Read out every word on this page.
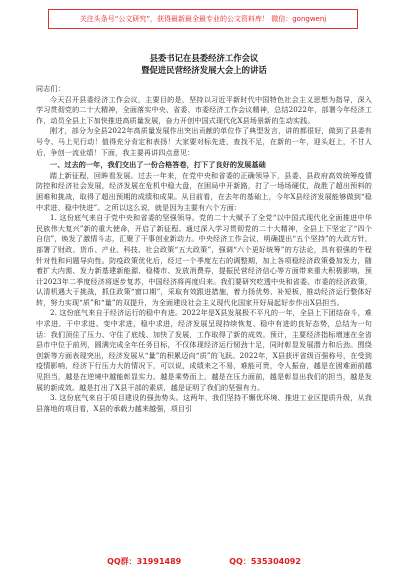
关注头条号“公文研究”，获得最新最全最专业的公文资料库！ 微信：gongwenj
县委书记在县委经济工作会议
暨促进民营经济发展大会上的讲话

同志们：

今天召开县委经济工作会议，主要目的是，坚持以习近平新时代中国特色社会主义思想为指导，深入学习贯彻党的二十大精神，全面落实中央、省委、市委经济工作会议精神，总结2022年，部署今年经济工作，动员全县上下加快推进高质量发展，奋力开创中国式现代化X县场景新的生动实践。

刚才，部分为全县2022年高质量发展作出突出贡献的单位作了典型发言，讲的都很好，做到了县委有号令、马上见行动！值得充分肯定和表扬！大家要对标先进，查找不足，在新的一年，迎头赶上，不甘人后，争创一流业绩！下面，我主要再讲四点意见：

一、过去的一年，我们交出了一份合格答卷，打下了良好的发展基础

踏上新征程，回眸看发展。过去一年来，在党中央和省委的正确领导下，县委、县政府高效统筹疫情防控和经济社会发展，经济发展在危机中稳大盘，在困局中开新路，打了一场场硬仗，战胜了超出预料的困难和挑战，取得了超出预期的成绩和成果。从目前看，在去年的基础上，今年X县经济发展能够做到“稳中求进、稳中快进”。之所以这么说，就是因为主要有六个方面：

1. 这份底气来自于党中央和省委的坚强领导。党的二十大赋予了全党“以中国式现代化全面推进中华民族伟大复兴”新的重大使命，开启了新征程。通过深入学习贯彻党的二十大精神，全县上下坚定了“四个自信”，焕发了激情斗志，汇聚了干事创业新动力。中央经济工作会议，明确提出“五个坚持”的大政方针，部署了财政、货币、产业、科技、社会政策“五大政策”，强调“六个更好统筹”的方法论，具有很强的牛程针对性和问题导向性。防疫政策优化后，经过一个季度左右的调整期，加上各项稳经济政策叠加发力，随着扩大内需、发力新基建新能源、稳楼市、发放消费券，提振民营经济信心等方面带来重大积极影响，预计2023年二季度经济将逐步复苏，中国经济将再度归来。我们要研究吃透中央和省委、市委的经济政策，认清机遇大于挑战，抓住政策“窗口期”，采取有效跟进措施，着力扬优势、补短板，推动经济运行整体好转，努力实现“质”和“量”的双提升，为全面建设社会主义现代化国家开好局起好步作出X县担当。

2. 这份底气来自于经济运行的稳中有进。2022年是X县发展极不平凡的一年，全县上下团结奋斗，难中求进、干中求进、变中求进，稳中求进，经济发展呈现持续恢复、稳中有进的良好态势，总结为一句话：我们顶住了压力、守住了底线、加快了发展，工作取得了新的成效。预计，主要经济指标增速在全省县市中位于前列，圆满完成全年任务目标，不仅体现经济运行韧劲十足，同时彰显发展潜力和后劲。围绕创新等方面表现突出，经济发展从“量”的积累迈向“质”的飞跃。2022年，X县获评省级百强称号，在受到疫情影响，经济下行压力大的情况下，可以说，成绩来之不易，难能可贵，令人振奋，越是在困难面前越见担当，越是在逆境中越能彰显实力。越是乘势而上，越是在压力面前，越是彰显出我们的担当，越是发展的新成效。越是打出了X县干部的素质，越是证明了我们的坚强有力。

3. 这份底气来自于项目建设的强劲势头。这两年，我们坚持不懈优环境、推进工业区提质升级，从我县落地的项目看，X县的承载力越来越强，项目引

QQ群：31991489	QQ：535304092
